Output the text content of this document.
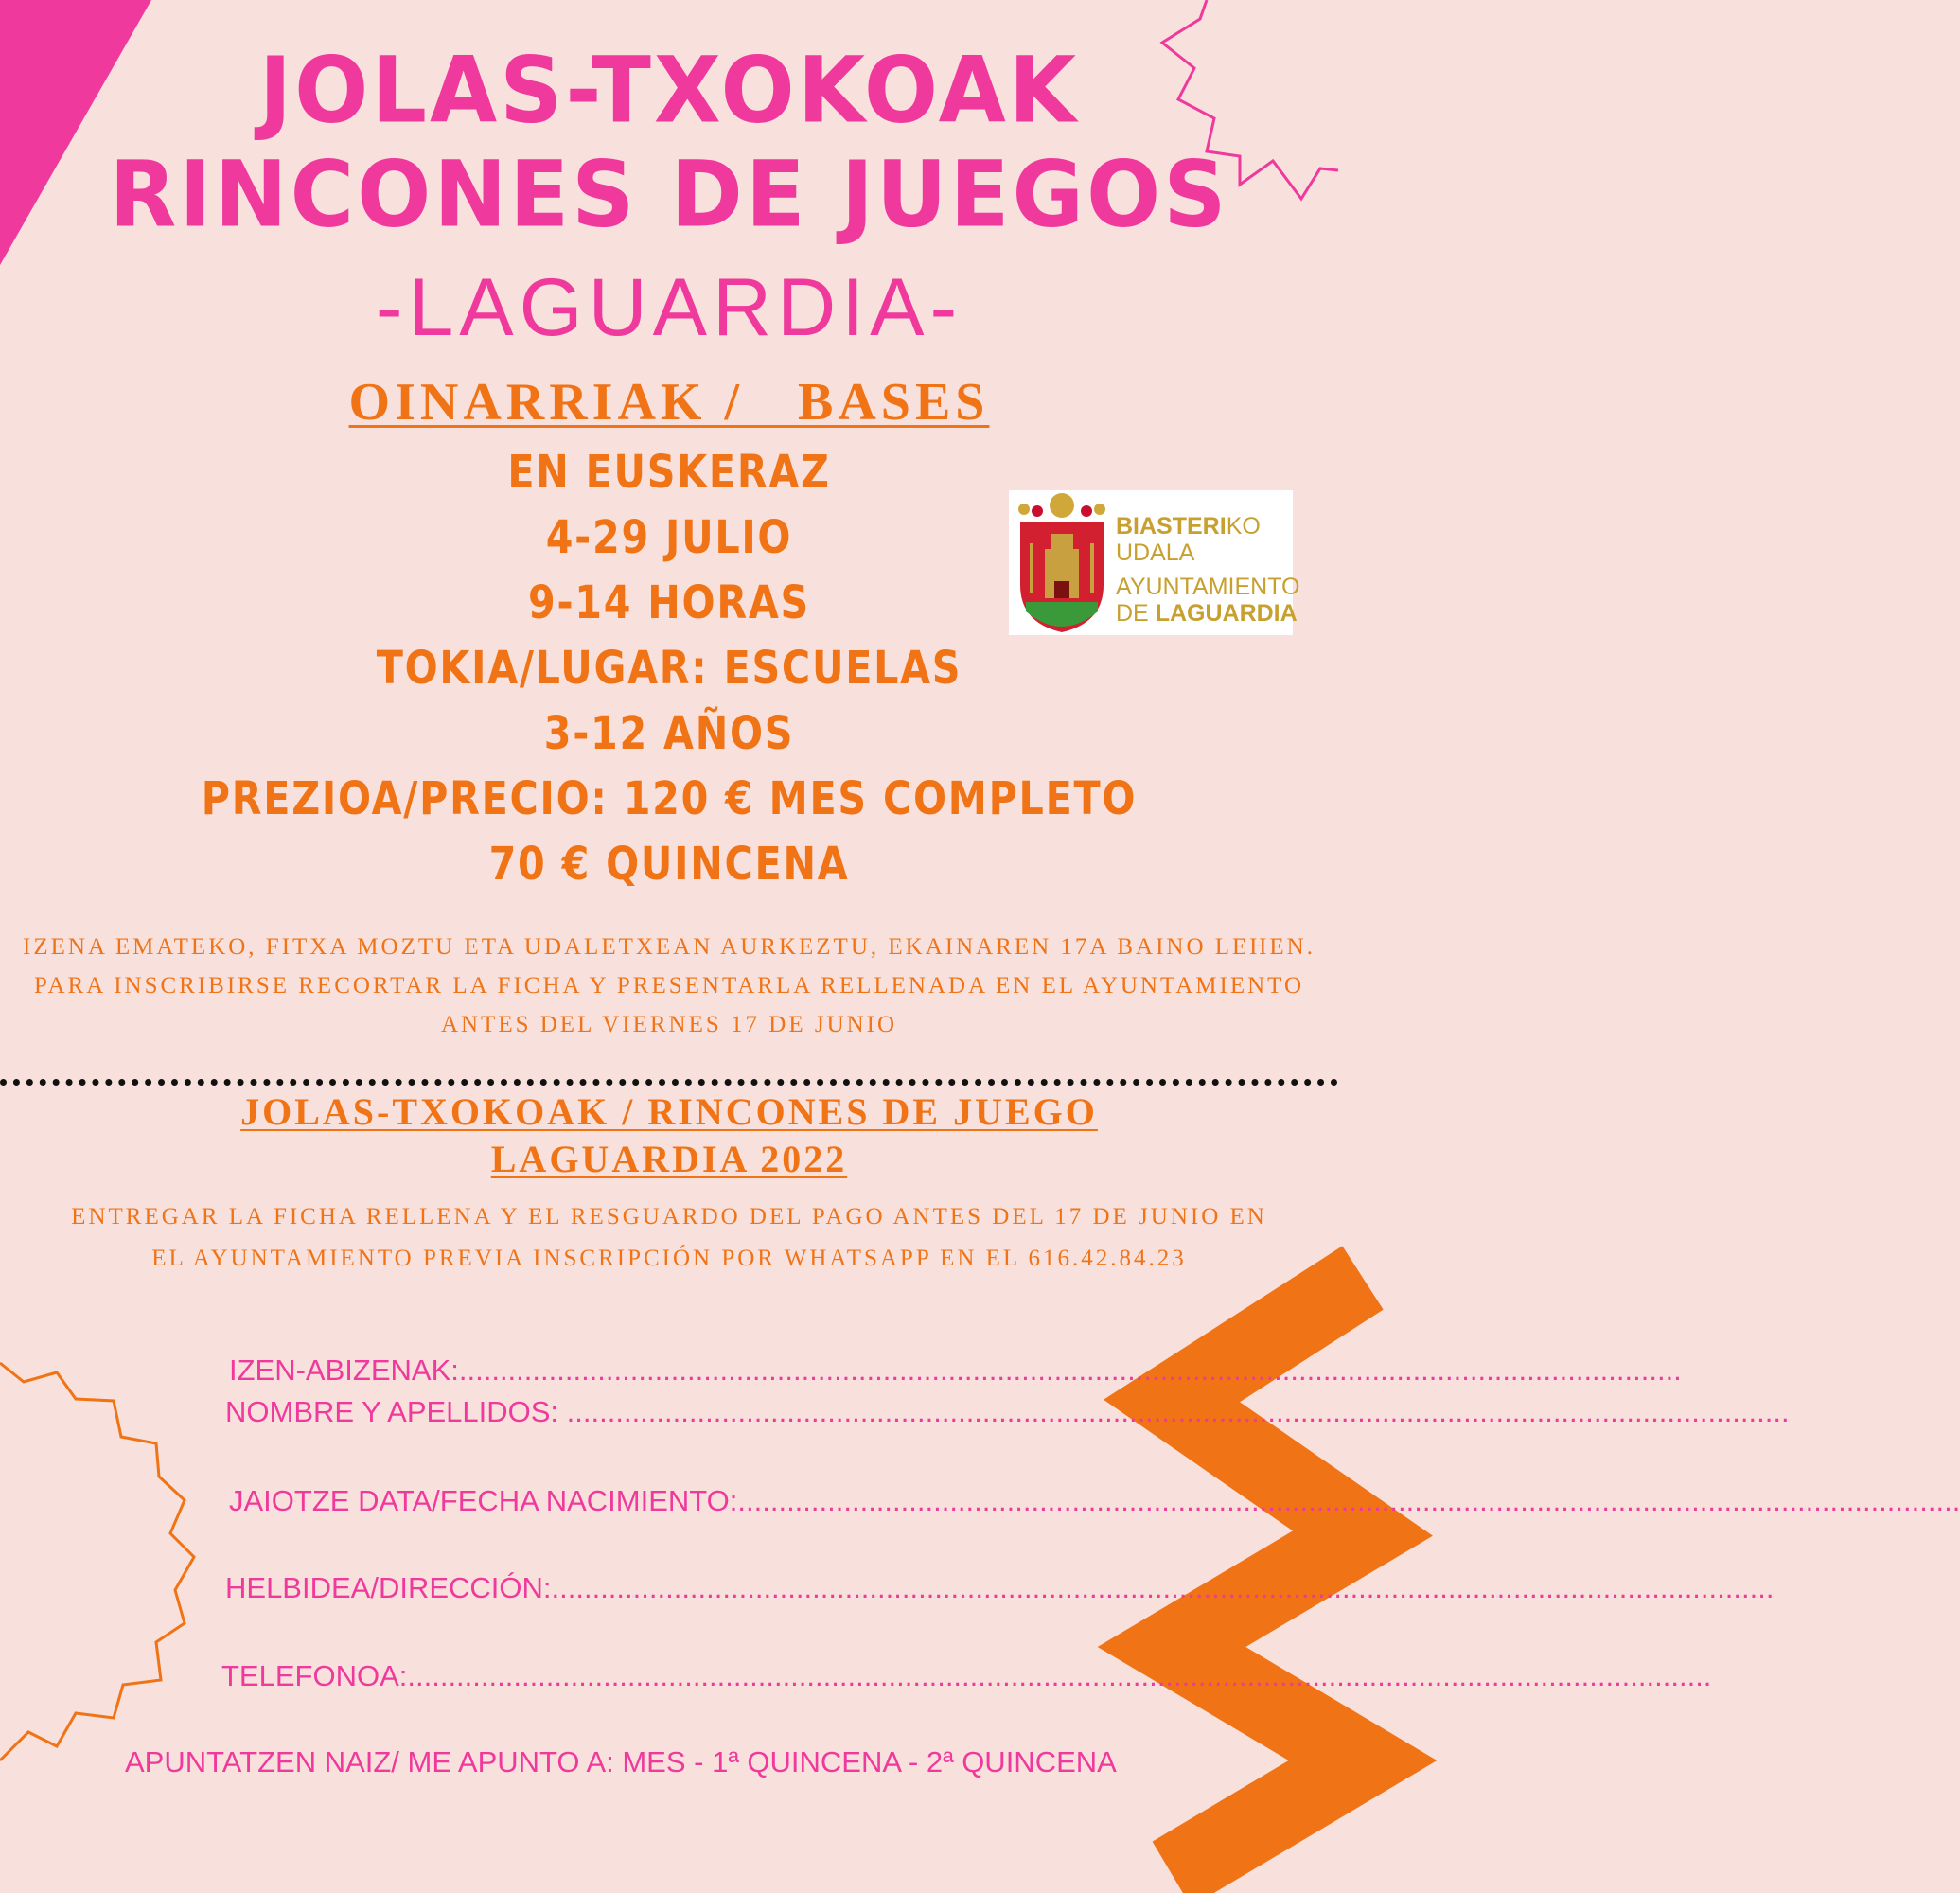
JOLAS-TXOKOAK
RINCONES DE JUEGOS
-LAGUARDIA-
OINARRIAK /   BASES
EN EUSKERAZ
4-29 JULIO
9-14 HORAS
TOKIA/LUGAR: ESCUELAS
3-12 AÑOS
PREZIOA/PRECIO: 120 € MES COMPLETO
70 € QUINCENA
BIASTERIKO
UDALA
AYUNTAMIENTO
DE LAGUARDIA
IZENA EMATEKO, FITXA MOZTU ETA UDALETXEAN AURKEZTU, EKAINAREN 17A BAINO LEHEN.
PARA INSCRIBIRSE RECORTAR LA FICHA Y PRESENTARLA RELLENADA EN EL AYUNTAMIENTO
ANTES DEL VIERNES 17 DE JUNIO
JOLAS-TXOKOAK / RINCONES DE JUEGO
LAGUARDIA 2022
ENTREGAR LA FICHA RELLENA Y EL RESGUARDO DEL PAGO ANTES DEL 17 DE JUNIO EN
EL AYUNTAMIENTO PREVIA INSCRIPCIÓN POR WHATSAPP EN EL 616.42.84.23
IZEN-ABIZENAK:......................................................................................................................................................
NOMBRE Y APELLIDOS: ......................................................................................................................................................
JAIOTZE DATA/FECHA NACIMIENTO:......................................................................................................................................................
HELBIDEA/DIRECCIÓN:......................................................................................................................................................
TELEFONOA:................................................................................................................................................................
APUNTATZEN NAIZ/ ME APUNTO A: MES - 1ª QUINCENA - 2ª QUINCENA
